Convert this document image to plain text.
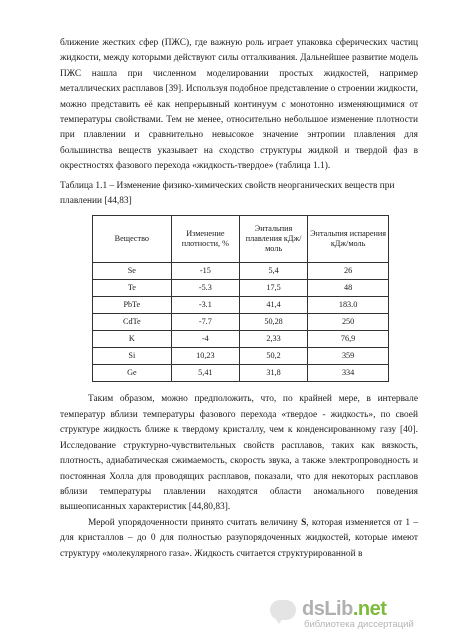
ближение жестких сфер (ПЖС), где важную роль играет упаковка сферических частиц жидкости, между которыми действуют силы отталкивания. Дальнейшее развитие модель ПЖС нашла при численном моделировании простых жидкостей, например металлических расплавов [39]. Используя подобное представление о строении жидкости, можно представить её как непрерывный континуум с монотонно изменяющимися от температуры свойствами. Тем не менее, относительно небольшое изменение плотности при плавлении и сравнительно невысокое значение энтропии плавления для большинства веществ указывает на сходство структуры жидкой и твердой фаз в окрестностях фазового перехода «жидкость-твердое» (таблица 1.1).

Таблица 1.1 – Изменение физико-химических свойств неорганических веществ при плавлении [44,83]

Вещество	Изменение плотности, %	Энтальпия плавления кДж/моль	Энтальпия испарения кДж/моль
Se	-15	5,4	26
Te	-5.3	17,5	48
PbTe	-3.1	41,4	183.0
CdTe	-7.7	50,28	250
K	-4	2,33	76,9
Si	10,23	50,2	359
Ge	5,41	31,8	334

Таким образом, можно предположить, что, по крайней мере, в интервале температур вблизи температуры фазового перехода «твердое - жидкость», по своей структуре жидкость ближе к твердому кристаллу, чем к конденсированному газу [40]. Исследование структурно-чувствительных свойств расплавов, таких как вязкость, плотность, адиабатическая сжимаемость, скорость звука, а также электропроводность и постоянная Холла для проводящих расплавов, показали, что для некоторых расплавов вблизи температуры плавлении находятся области аномального поведения вышеописанных характеристик [44,80,83].

Мерой упорядоченности принято считать величину S, которая изменяется от 1 – для кристаллов – до 0 для полностью разупорядоченных жидкостей, которые имеют структуру «молекулярного газа». Жидкость считается структурированной в

dsLib.net
библиотека диссертаций
